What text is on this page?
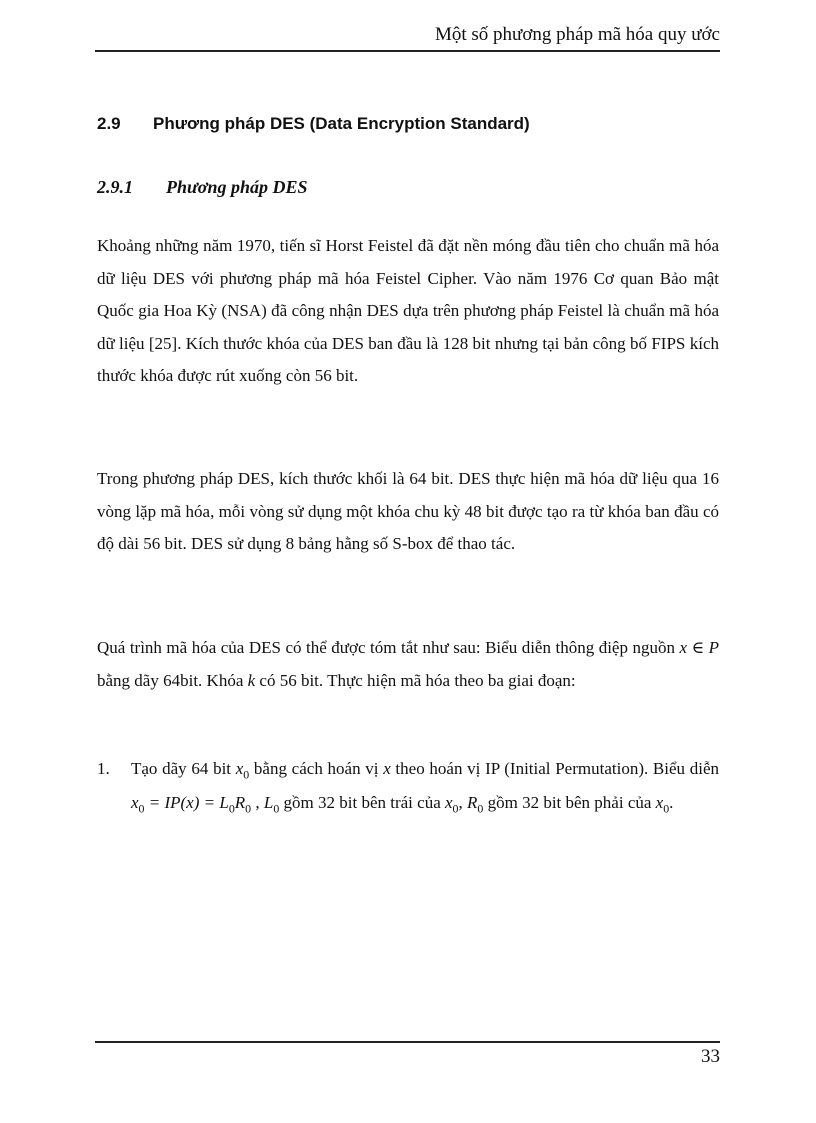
Một số phương pháp mã hóa quy ước
2.9 Phương pháp DES (Data Encryption Standard)
2.9.1 Phương pháp DES

Khoảng những năm 1970, tiến sĩ Horst Feistel đã đặt nền móng đầu tiên cho chuẩn mã hóa dữ liệu DES với phương pháp mã hóa Feistel Cipher. Vào năm 1976 Cơ quan Bảo mật Quốc gia Hoa Kỳ (NSA) đã công nhận DES dựa trên phương pháp Feistel là chuẩn mã hóa dữ liệu [25]. Kích thước khóa của DES ban đầu là 128 bit nhưng tại bản công bố FIPS kích thước khóa được rút xuống còn 56 bit.

Trong phương pháp DES, kích thước khối là 64 bit. DES thực hiện mã hóa dữ liệu qua 16 vòng lặp mã hóa, mỗi vòng sử dụng một khóa chu kỳ 48 bit được tạo ra từ khóa ban đầu có độ dài 56 bit. DES sử dụng 8 bảng hằng số S-box để thao tác.

Quá trình mã hóa của DES có thể được tóm tắt như sau: Biểu diễn thông điệp nguồn x ∈ P bằng dãy 64bit. Khóa k có 56 bit. Thực hiện mã hóa theo ba giai đoạn:

1. Tạo dãy 64 bit $x_0$ bằng cách hoán vị x theo hoán vị IP (Initial Permutation). Biểu diễn $x_0 = IP(x) = L_0R_0$ , $L_0$ gồm 32 bit bên trái của $x_0$, $R_0$ gồm 32 bit bên phải của $x_0$.
33
